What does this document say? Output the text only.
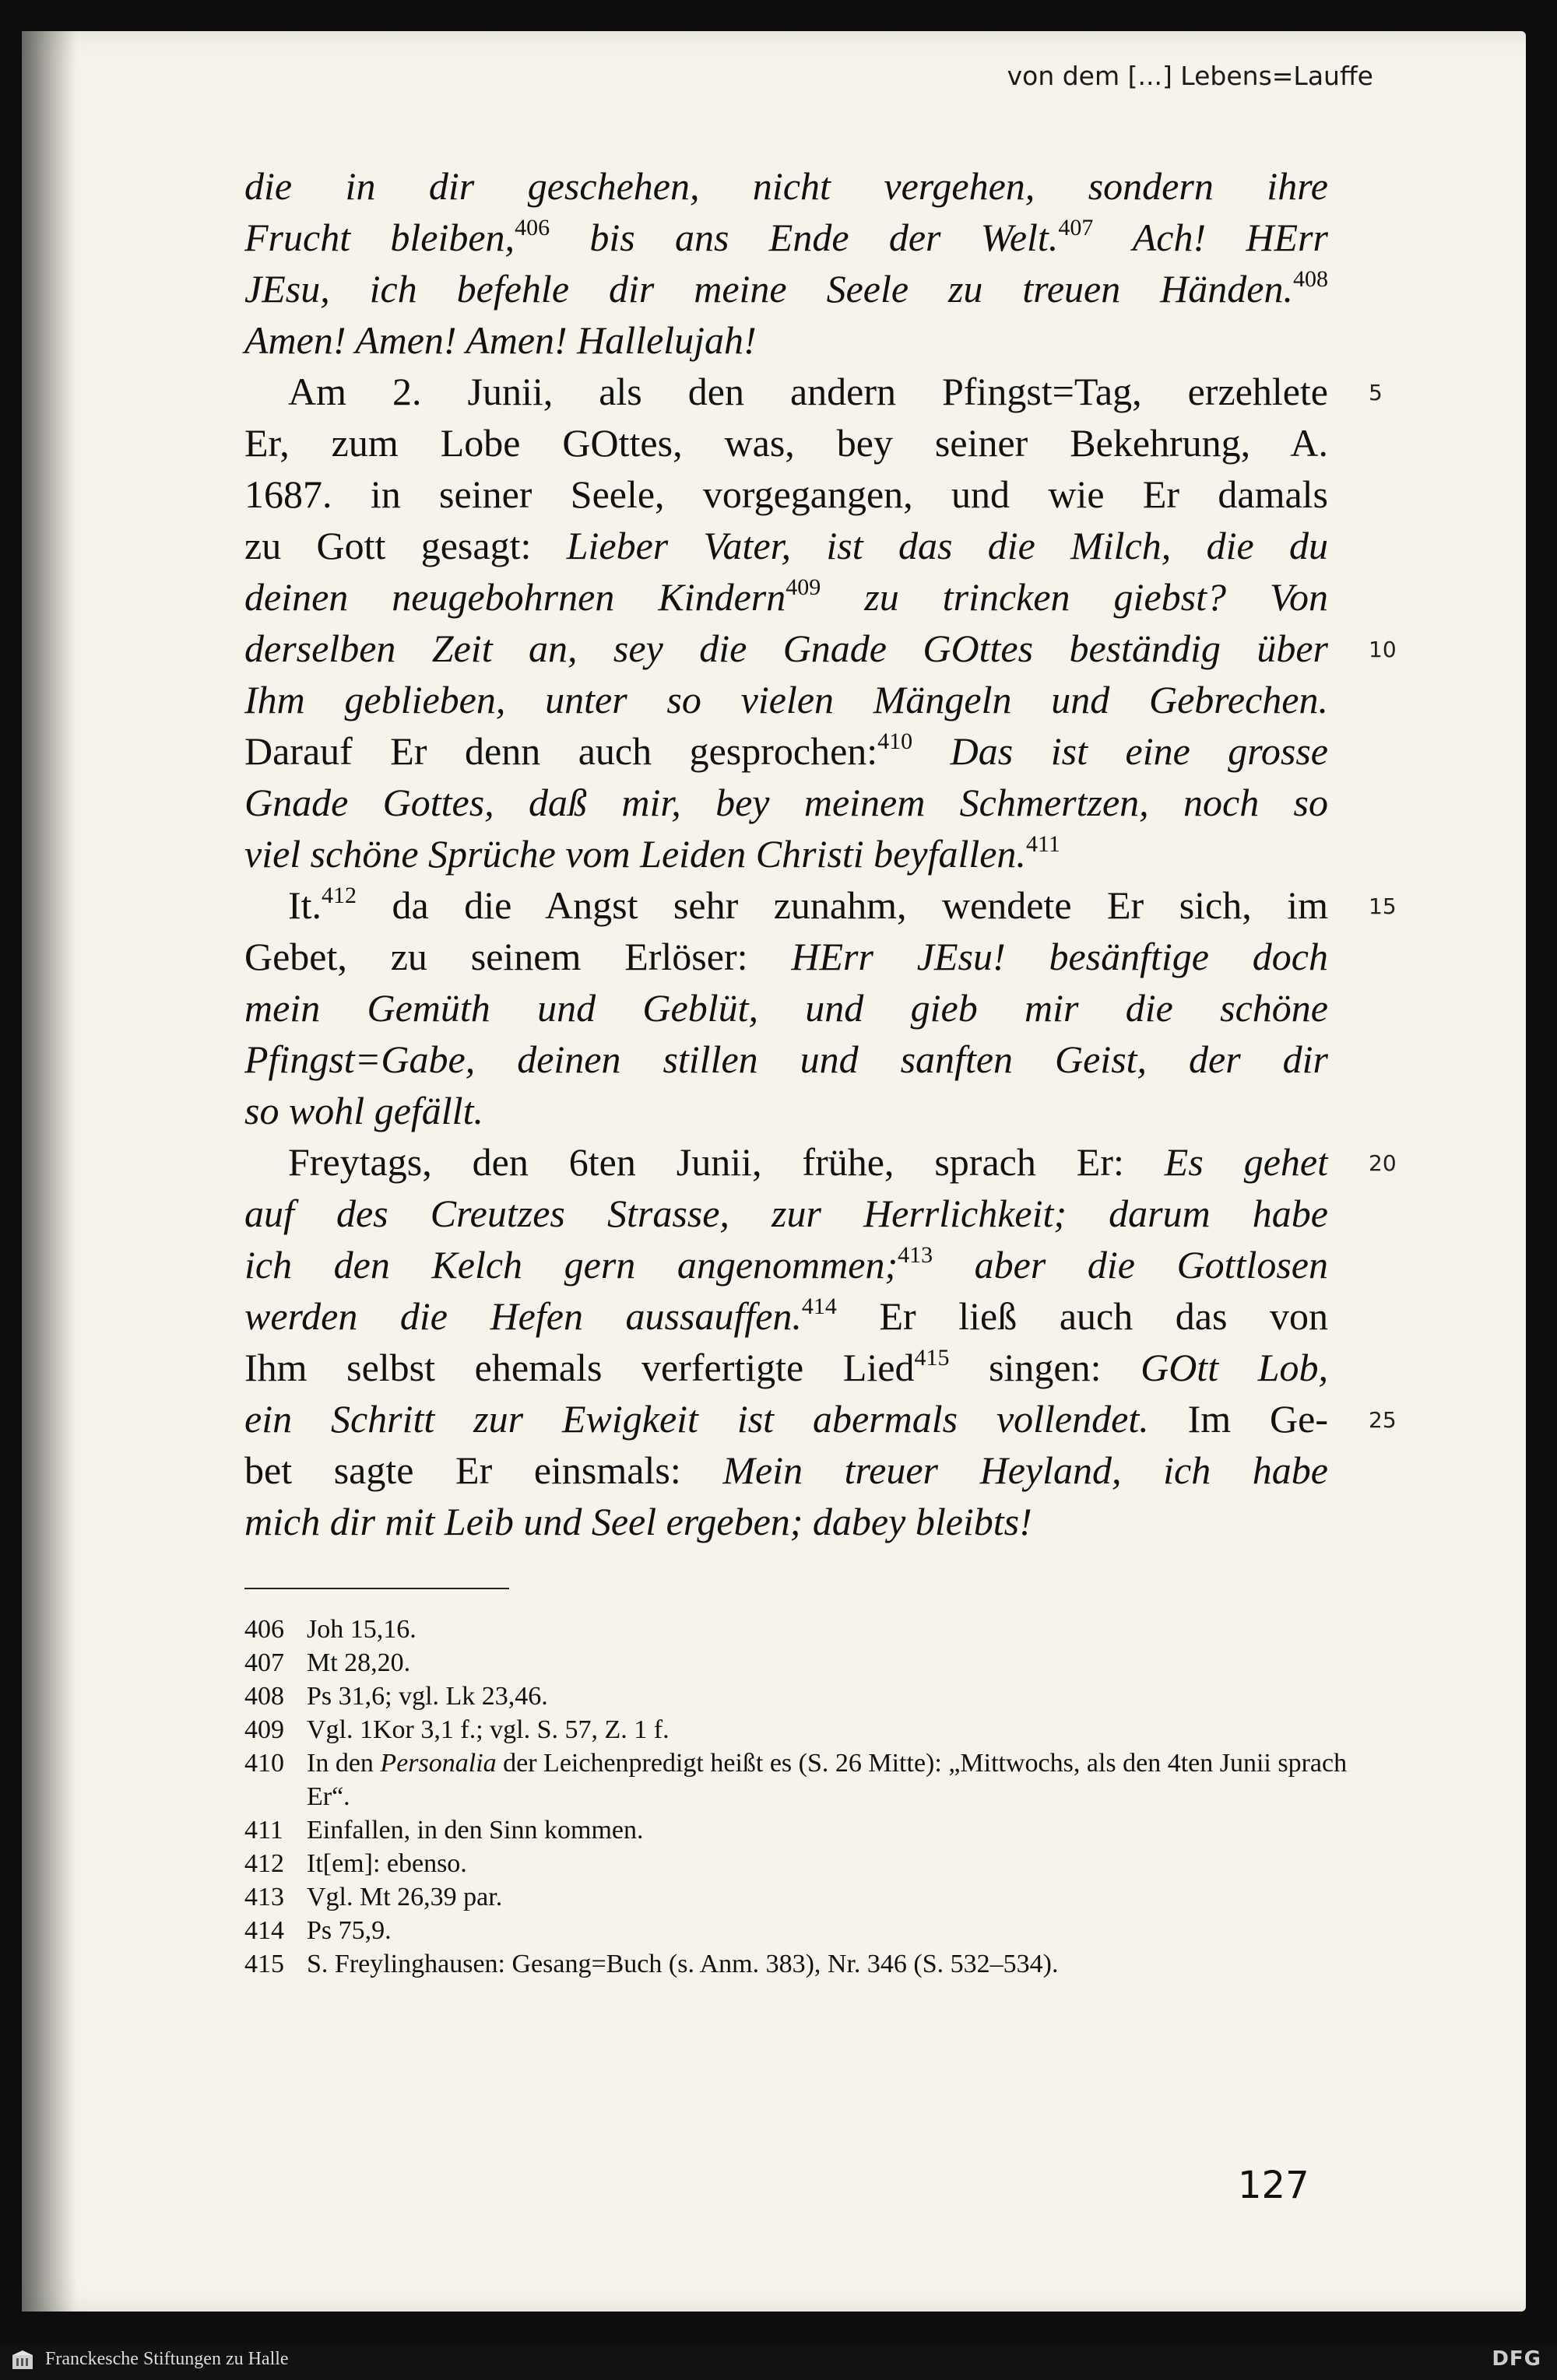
von dem [...] Lebens=Lauffe
die in dir geschehen, nicht vergehen, sondern ihre
Frucht bleiben,$^{406}$ bis ans Ende der Welt.$^{407}$ Ach! HErr
JEsu, ich befehle dir meine Seele zu treuen Händen.$^{408}$
Amen! Amen! Amen! Hallelujah!
Am 2. Junii, als den andern Pfingst=Tag, erzehlete
Er, zum Lobe GOttes, was, bey seiner Bekehrung, A.
1687. in seiner Seele, vorgegangen, und wie Er damals
zu Gott gesagt: Lieber Vater, ist das die Milch, die du
deinen neugebohrnen Kindern$^{409}$ zu trincken giebst? Von
derselben Zeit an, sey die Gnade GOttes beständig über
Ihm geblieben, unter so vielen Mängeln und Gebrechen.
Darauf Er denn auch gesprochen:$^{410}$ Das ist eine grosse
Gnade Gottes, daß mir, bey meinem Schmertzen, noch so
viel schöne Sprüche vom Leiden Christi beyfallen.$^{411}$
It.$^{412}$ da die Angst sehr zunahm, wendete Er sich, im
Gebet, zu seinem Erlöser: HErr JEsu! besänftige doch
mein Gemüth und Geblüt, und gieb mir die schöne
Pfingst=Gabe, deinen stillen und sanften Geist, der dir
so wohl gefällt.
Freytags, den 6ten Junii, frühe, sprach Er: Es gehet
auf des Creutzes Strasse, zur Herrlichkeit; darum habe
ich den Kelch gern angenommen;$^{413}$ aber die Gottlosen
werden die Hefen aussauffen.$^{414}$ Er ließ auch das von
Ihm selbst ehemals verfertigte Lied$^{415}$ singen: GOtt Lob,
ein Schritt zur Ewigkeit ist abermals vollendet. Im Ge-
bet sagte Er einsmals: Mein treuer Heyland, ich habe
mich dir mit Leib und Seel ergeben; dabey bleibts!
5
10
15
20
25
406 Joh 15,16.
407 Mt 28,20.
408 Ps 31,6; vgl. Lk 23,46.
409 Vgl. 1Kor 3,1 f.; vgl. S. 57, Z. 1 f.
410 In den Personalia der Leichenpredigt heißt es (S. 26 Mitte): „Mittwochs, als den 4ten Junii sprach Er“.
411 Einfallen, in den Sinn kommen.
412 It[em]: ebenso.
413 Vgl. Mt 26,39 par.
414 Ps 75,9.
415 S. Freylinghausen: Gesang=Buch (s. Anm. 383), Nr. 346 (S. 532–534).
127
Franckesche Stiftungen zu Halle	DFG
